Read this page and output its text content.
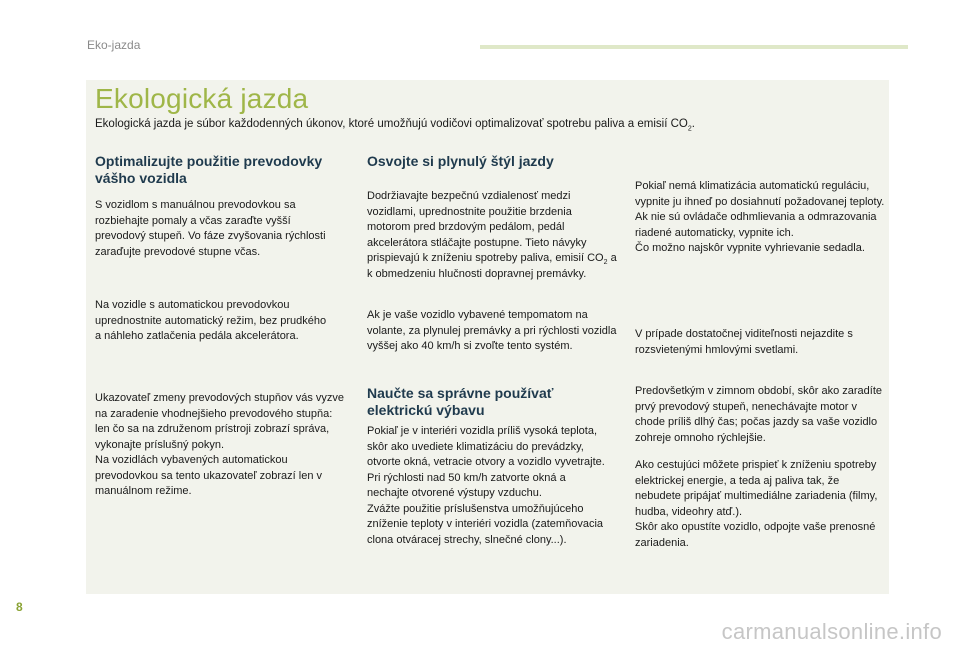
Eko-jazda
Ekologická jazda

Ekologická jazda je súbor každodenných úkonov, ktoré umožňujú vodičovi optimalizovať spotrebu paliva a emisií $CO_2$.

Optimalizujte použitie prevodovky vášho vozidla

S vozidlom s manuálnou prevodovkou sa rozbiehajte pomaly a včas zaraďte vyšší prevodový stupeň. Vo fáze zvyšovania rýchlosti zaraďujte prevodové stupne včas.

Na vozidle s automatickou prevodovkou uprednostnite automatický režim, bez prudkého a náhleho zatlačenia pedála akcelerátora.

Ukazovateľ zmeny prevodových stupňov vás vyzve na zaradenie vhodnejšieho prevodového stupňa: len čo sa na združenom prístroji zobrazí správa, vykonajte príslušný pokyn.
Na vozidlách vybavených automatickou prevodovkou sa tento ukazovateľ zobrazí len v manuálnom režime.
Osvojte si plynulý štýl jazdy

Dodržiavajte bezpečnú vzdialenosť medzi vozidlami, uprednostnite použitie brzdenia motorom pred brzdovým pedálom, pedál akcelerátora stláčajte postupne. Tieto návyky prispievajú k zníženiu spotreby paliva, emisií $CO_2$ a k obmedzeniu hlučnosti dopravnej premávky.

Ak je vaše vozidlo vybavené tempomatom na volante, za plynulej premávky a pri rýchlosti vozidla vyššej ako 40 km/h si zvoľte tento systém.

Naučte sa správne používať elektrickú výbavu
Pokiaľ je v interiéri vozidla príliš vysoká teplota, skôr ako uvediete klimatizáciu do prevádzky, otvorte okná, vetracie otvory a vozidlo vyvetrajte.
Pri rýchlosti nad 50 km/h zatvorte okná a nechajte otvorené výstupy vzduchu.
Zvážte použitie príslušenstva umožňujúceho zníženie teploty v interiéri vozidla (zatemňovacia clona otváracej strechy, slnečné clony...).
Pokiaľ nemá klimatizácia automatickú reguláciu, vypnite ju ihneď po dosiahnutí požadovanej teploty.
Ak nie sú ovládače odhmlievania a odmrazovania riadené automaticky, vypnite ich.
Čo možno najskôr vypnite vyhrievanie sedadla.

V prípade dostatočnej viditeľnosti nejazdite s rozsvietenými hmlovými svetlami.

Predovšetkým v zimnom období, skôr ako zaradíte prvý prevodový stupeň, nenechávajte motor v chode príliš dlhý čas; počas jazdy sa vaše vozidlo zohreje omnoho rýchlejšie.

Ako cestujúci môžete prispieť k zníženiu spotreby elektrickej energie, a teda aj paliva tak, že nebudete pripájať multimediálne zariadenia (filmy, hudba, videohry atď.).
Skôr ako opustíte vozidlo, odpojte vaše prenosné zariadenia.
8
carmanualsonline.info
